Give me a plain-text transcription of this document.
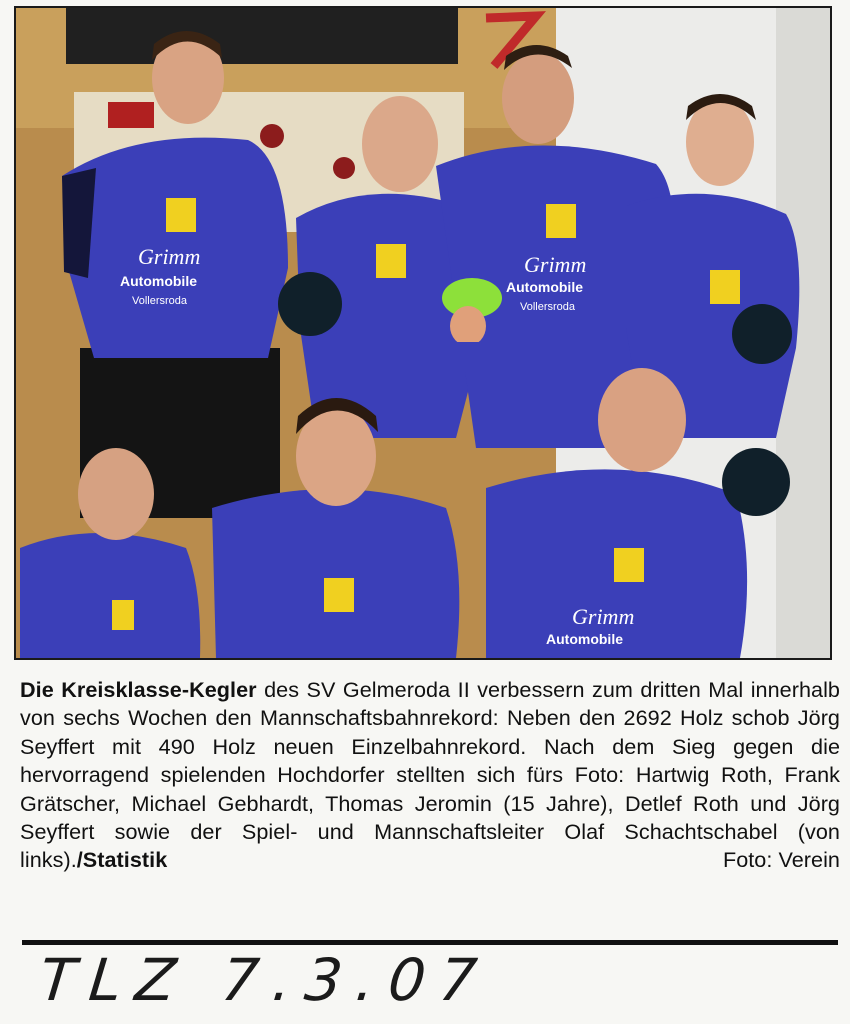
Grimm
Automobile
Vollersroda
Grimm
Automobile
Vollersroda
Grimm
Automobile

Die Kreisklasse-Kegler des SV Gelmeroda II verbessern zum dritten Mal innerhalb von sechs Wochen den Mannschaftsbahnrekord: Neben den 2692 Holz schob Jörg Seyffert mit 490 Holz neuen Einzelbahnrekord. Nach dem Sieg gegen die hervorragend spielenden Hochdorfer stellten sich fürs Foto: Hartwig Roth, Frank Grätscher, Michael Gebhardt, Thomas Jeromin (15 Jahre), Detlef Roth und Jörg Seyffert sowie der Spiel- und Mannschaftsleiter Olaf Schachtschabel (von links)./Statistik	Foto: Verein

TLZ 7.3.07
